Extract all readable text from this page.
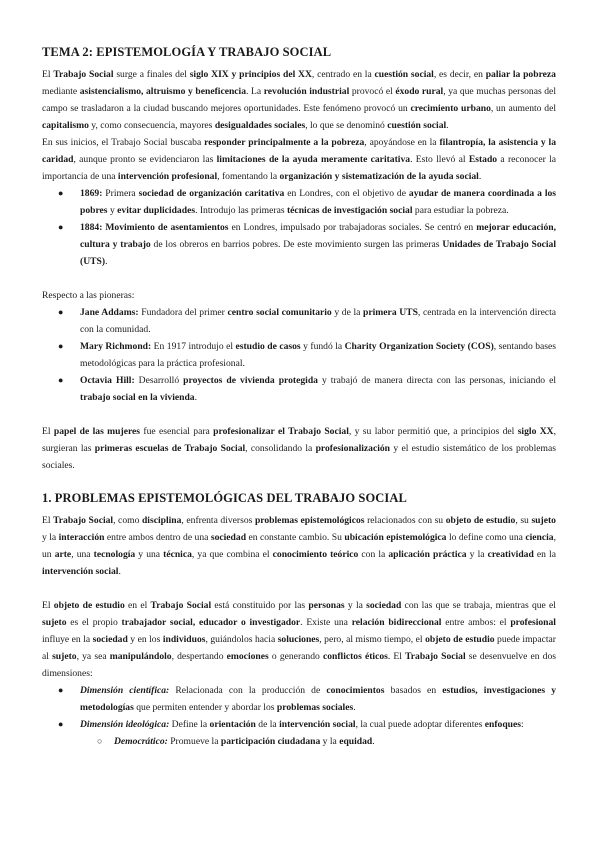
TEMA 2: EPISTEMOLOGÍA Y TRABAJO SOCIAL

El Trabajo Social surge a finales del siglo XIX y principios del XX, centrado en la cuestión social, es decir, en paliar la pobreza mediante asistencialismo, altruismo y beneficencia. La revolución industrial provocó el éxodo rural, ya que muchas personas del campo se trasladaron a la ciudad buscando mejores oportunidades. Este fenómeno provocó un crecimiento urbano, un aumento del capitalismo y, como consecuencia, mayores desigualdades sociales, lo que se denominó cuestión social.

En sus inicios, el Trabajo Social buscaba responder principalmente a la pobreza, apoyándose en la filantropía, la asistencia y la caridad, aunque pronto se evidenciaron las limitaciones de la ayuda meramente caritativa. Esto llevó al Estado a reconocer la importancia de una intervención profesional, fomentando la organización y sistematización de la ayuda social.

● 1869: Primera sociedad de organización caritativa en Londres, con el objetivo de ayudar de manera coordinada a los pobres y evitar duplicidades. Introdujo las primeras técnicas de investigación social para estudiar la pobreza.
● 1884: Movimiento de asentamientos en Londres, impulsado por trabajadoras sociales. Se centró en mejorar educación, cultura y trabajo de los obreros en barrios pobres. De este movimiento surgen las primeras Unidades de Trabajo Social (UTS).

Respecto a las pioneras:

● Jane Addams: Fundadora del primer centro social comunitario y de la primera UTS, centrada en la intervención directa con la comunidad.
● Mary Richmond: En 1917 introdujo el estudio de casos y fundó la Charity Organization Society (COS), sentando bases metodológicas para la práctica profesional.
● Octavia Hill: Desarrolló proyectos de vivienda protegida y trabajó de manera directa con las personas, iniciando el trabajo social en la vivienda.

El papel de las mujeres fue esencial para profesionalizar el Trabajo Social, y su labor permitió que, a principios del siglo XX, surgieran las primeras escuelas de Trabajo Social, consolidando la profesionalización y el estudio sistemático de los problemas sociales.

1. PROBLEMAS EPISTEMOLÓGICAS DEL TRABAJO SOCIAL

El Trabajo Social, como disciplina, enfrenta diversos problemas epistemológicos relacionados con su objeto de estudio, su sujeto y la interacción entre ambos dentro de una sociedad en constante cambio. Su ubicación epistemológica lo define como una ciencia, un arte, una tecnología y una técnica, ya que combina el conocimiento teórico con la aplicación práctica y la creatividad en la intervención social.

El objeto de estudio en el Trabajo Social está constituido por las personas y la sociedad con las que se trabaja, mientras que el sujeto es el propio trabajador social, educador o investigador. Existe una relación bidireccional entre ambos: el profesional influye en la sociedad y en los individuos, guiándolos hacia soluciones, pero, al mismo tiempo, el objeto de estudio puede impactar al sujeto, ya sea manipulándolo, despertando emociones o generando conflictos éticos. El Trabajo Social se desenvuelve en dos dimensiones:

● Dimensión científica: Relacionada con la producción de conocimientos basados en estudios, investigaciones y metodologías que permiten entender y abordar los problemas sociales.
● Dimensión ideológica: Define la orientación de la intervención social, la cual puede adoptar diferentes enfoques:
○ Democrático: Promueve la participación ciudadana y la equidad.
